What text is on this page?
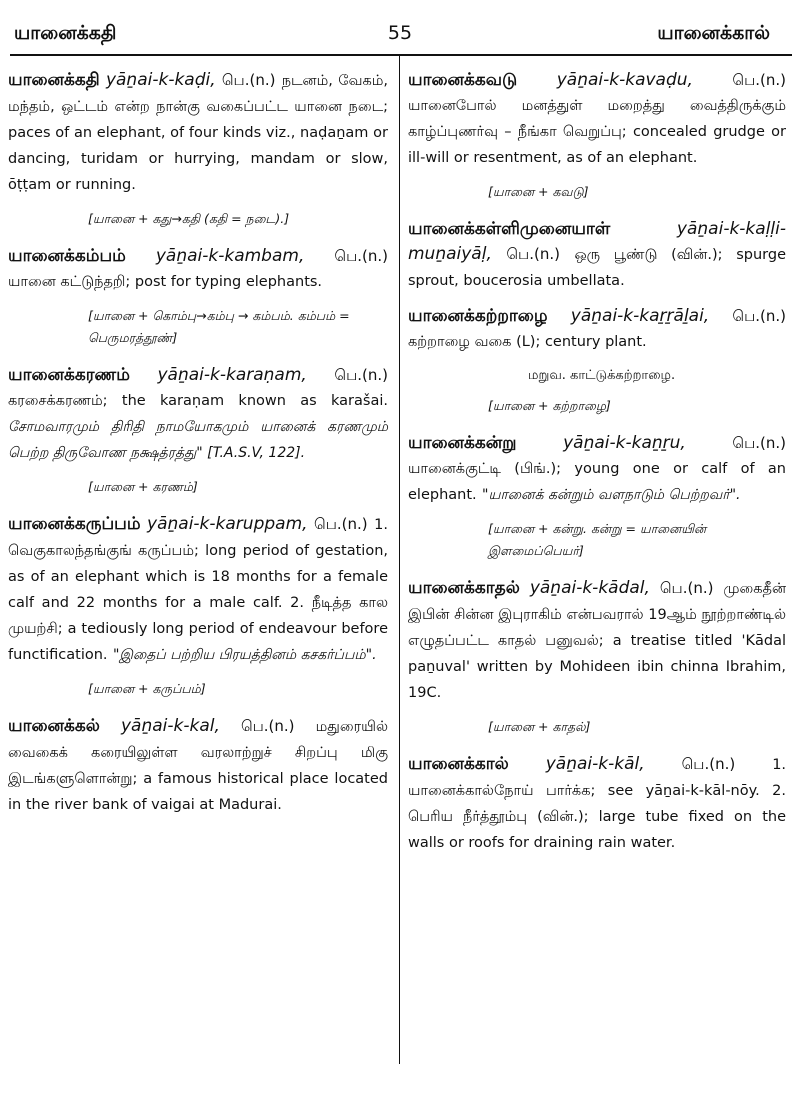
யானைக்கதி	55	யானைக்கால்
யானைக்கதி yāṉai-k-kaḍi, பெ.(n.) நடனம், வேகம், மந்தம், ஒட்டம் என்ற நான்கு வகைப்பட்ட யானை நடை; paces of an elephant, of four kinds viz., naḍaṉam or dancing, turidam or hurrying, mandam or slow, ōṭṭam or running.
[யானை + கது→கதி (கதி = நடை).]
யானைக்கம்பம் yāṉai-k-kambam, பெ.(n.) யானை கட்டுந்தறி; post for typing elephants.
[யானை + கொம்பு→கம்பு → கம்பம். கம்பம் = பெருமரத்தூண்]
யானைக்கரணம் yāṉai-k-karaṇam, பெ.(n.) கரசைக்கரணம்; the karaṇam known as karašai. சோமவாரமும் திரிதி நாமயோகமும் யானைக் கரணமும் பெற்ற திருவோண நக்ஷத்ரத்து" [T.A.S.V, 122].
[யானை + கரணம்]
யானைக்கருப்பம் yāṉai-k-karuppam, பெ.(n.) 1. வெகுகாலந்தங்குங் கருப்பம்; long period of gestation, as of an elephant which is 18 months for a female calf and 22 months for a male calf. 2. நீடித்த கால முயற்சி; a tediously long period of endeavour before functification. "இதைப் பற்றிய பிரயத்தினம் கசகர்ப்பம்".
[யானை + கருப்பம்]
யானைக்கல் yāṉai-k-kal, பெ.(n.) மதுரையில் வைகைக் கரையிலுள்ள வரலாற்றுச் சிறப்பு மிகு இடங்களுளொன்று; a famous historical place located in the river bank of vaigai at Madurai.
யானைக்கவடு yāṉai-k-kavaḍu,	பெ.(n.) யானைபோல் மனத்துள் மறைத்து வைத்திருக்கும் காழ்ப்புணர்வு – நீங்கா வெறுப்பு; concealed grudge or ill-will or resentment, as of an elephant.
[யானை + கவடு]
யானைக்கள்ளிமுனையாள்	yāṉai-k-kaḷḷi-muṉaiyāḷ, பெ.(n.) ஒரு பூண்டு (வின்.); spurge sprout, boucerosia umbellata.
யானைக்கற்றாழை yāṉai-k-kaṟṟāḻai, பெ.(n.) கற்றாழை வகை (L); century plant.
மறுவ. காட்டுக்கற்றாழை.
[யானை + கற்றாழை]
யானைக்கன்று	yāṉai-k-kaṉṟu,	பெ.(n.) யானைக்குட்டி (பிங்.); young one or calf of an elephant. "யானைக் கன்றும் வளநாடும் பெற்றவர்".
[யானை + கன்று. கன்று = யானையின் இளமைப்பெயர்]
யானைக்காதல் yāṉai-k-kādal, பெ.(n.) முகைதீன் இபின் சின்ன இபுராகிம் என்பவரால் 19ஆம் நூற்றாண்டில் எழுதப்பட்ட காதல் பனுவல்; a treatise titled 'Kādal paṉuval' written by Mohideen ibin chinna Ibrahim, 19C.
[யானை + காதல்]
யானைக்கால் yāṉai-k-kāl, பெ.(n.)	1. யானைக்கால்நோய் பார்க்க; see yāṉai-k-kāl-nōy. 2. பெரிய நீர்த்தூம்பு (வின்.); large tube fixed on the walls or roofs for draining rain water.
